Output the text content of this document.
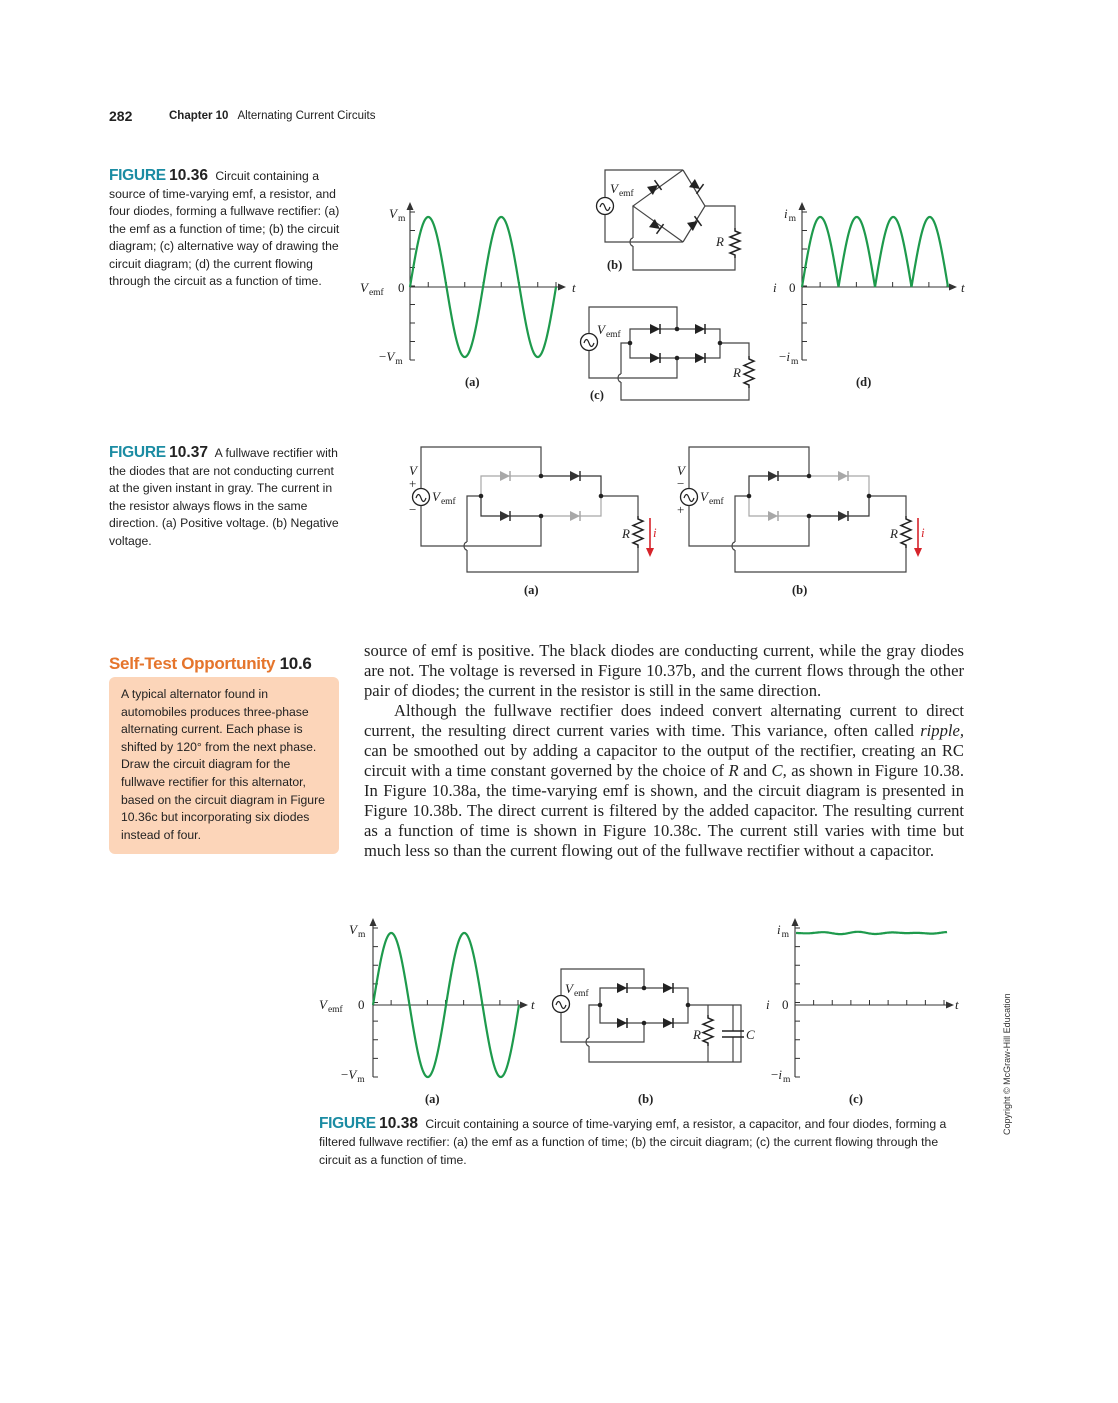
282	Chapter 10 Alternating Current Circuits
FIGURE 10.36 Circuit containing a source of time-varying emf, a resistor, and four diodes, forming a fullwave rectifier: (a) the emf as a function of time; (b) the circuit diagram; (c) alternative way of drawing the circuit diagram; (d) the current flowing through the circuit as a function of time.
FIGURE 10.37 A fullwave rectifier with the diodes that are not conducting current at the given instant in gray. The current in the resistor always flows in the same direction. (a) Positive voltage. (b) Negative voltage.
Self-Test Opportunity 10.6
A typical alternator found in automobiles produces three-phase alternating current. Each phase is shifted by 120° from the next phase. Draw the circuit diagram for the fullwave rectifier for this alternator, based on the circuit diagram in Figure 10.36c but incorporating six diodes instead of four.

source of emf is positive. The black diodes are conducting current, while the gray diodes are not. The voltage is reversed in Figure 10.37b, and the current flows through the other pair of diodes; the current in the resistor is still in the same direction.

Although the fullwave rectifier does indeed convert alternating current to direct current, the resulting direct current varies with time. This variance, often called ripple, can be smoothed out by adding a capacitor to the output of the rectifier, creating an RC circuit with a time constant governed by the choice of R and C, as shown in Figure 10.38. In Figure 10.38a, the time-varying emf is shown, and the circuit diagram is presented in Figure 10.38b. The direct current is filtered by the added capacitor. The resulting current as a function of time is shown in Figure 10.38c. The current still varies with time but much less so than the current flowing out of the fullwave rectifier without a capacitor.

FIGURE 10.38 Circuit containing a source of time-varying emf, a resistor, a capacitor, and four diodes, forming a filtered fullwave rectifier: (a) the emf as a function of time; (b) the circuit diagram; (c) the current flowing through the circuit as a function of time.
Copyright © McGraw-Hill Education
$V_m$
$V_{emf}$ 0	t
$-V_m$
(a)
$V_{emf}$
R
(b)
$V_{emf}$
R
(c)
$i_m$
i 0	t
$-i_m$
(d)
V
+
−
$V_{emf}$
R i
(a)
V
−
+
$V_{emf}$
R i
(b)
$V_m$
$V_{emf}$ 0	t
$-V_m$
(a)
$V_{emf}$
R	C
(b)
$i_m$
i 0	t
$-i_m$
(c)
